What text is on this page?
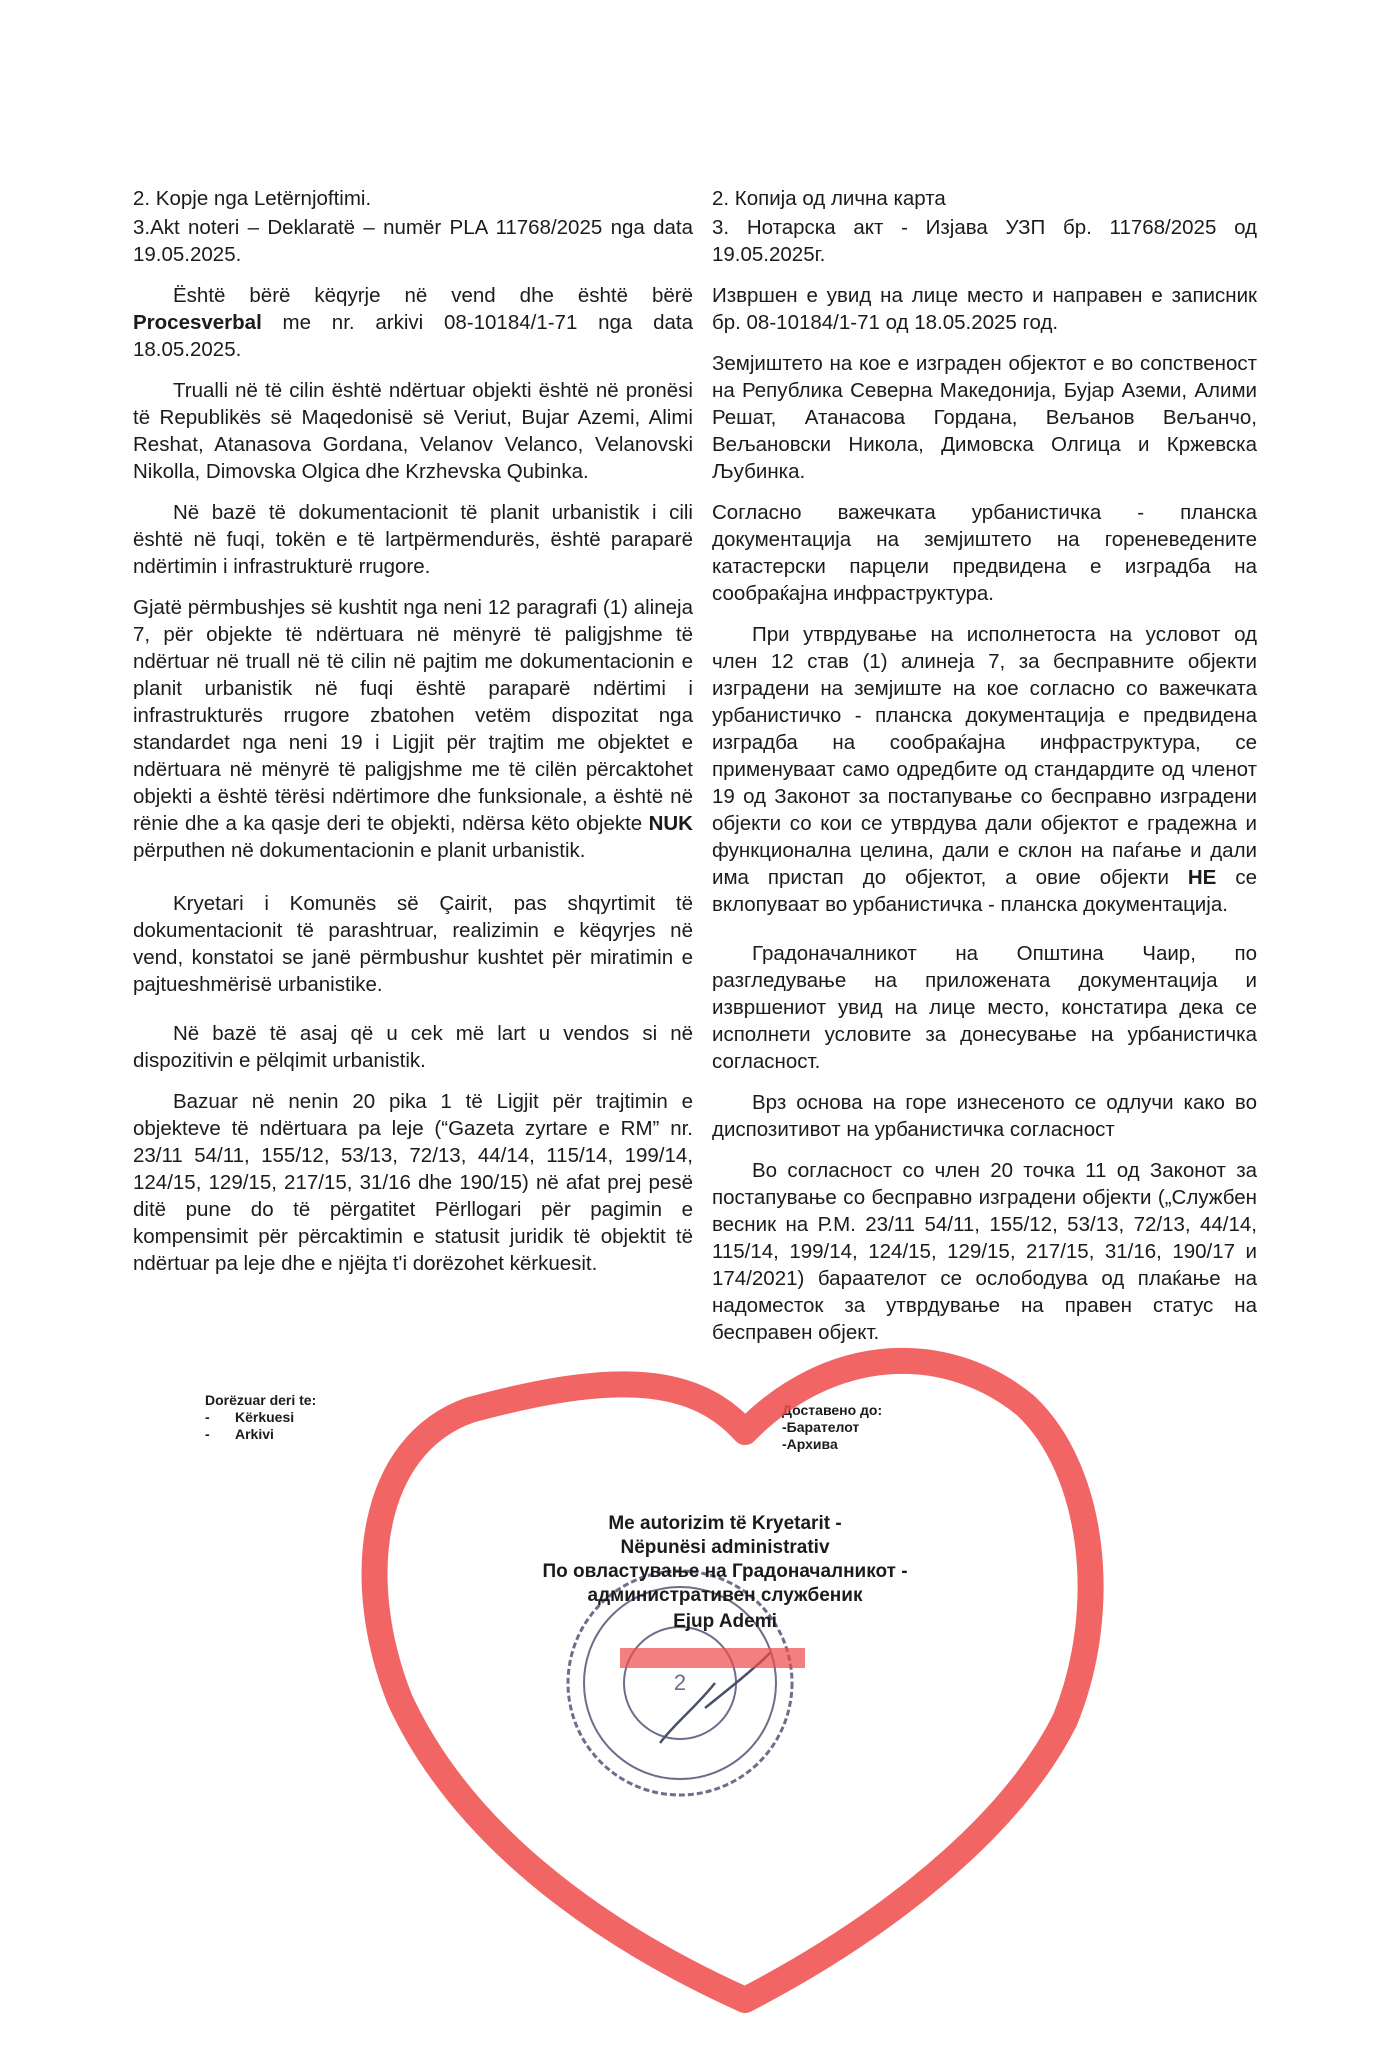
2. Kopje nga Letërnjoftimi.

3.Akt noteri – Deklaratë – numër PLA 11768/2025 nga data 19.05.2025.

Është bërë këqyrje në vend dhe është bërë Procesverbal me nr. arkivi 08-10184/1-71 nga data 18.05.2025.

Trualli në të cilin është ndërtuar objekti është në pronësi të Republikës së Maqedonisë së Veriut, Bujar Azemi, Alimi Reshat, Atanasova Gordana, Velanov Velanco, Velanovski Nikolla, Dimovska Olgica dhe Krzhevska Qubinka.

Në bazë të dokumentacionit të planit urbanistik i cili është në fuqi, tokën e të lartpërmendurës, është paraparë ndërtimin i infrastrukturë rrugore.

Gjatë përmbushjes së kushtit nga neni 12 paragrafi (1) alineja 7, për objekte të ndërtuara në mënyrë të paligjshme të ndërtuar në truall në të cilin në pajtim me dokumentacionin e planit urbanistik në fuqi është paraparë ndërtimi i infrastrukturës rrugore zbatohen vetëm dispozitat nga standardet nga neni 19 i Ligjit për trajtim me objektet e ndërtuara në mënyrë të paligjshme me të cilën përcaktohet objekti a është tërësi ndërtimore dhe funksionale, a është në rënie dhe a ka qasje deri te objekti, ndërsa këto objekte NUK përputhen në dokumentacionin e planit urbanistik.

Kryetari i Komunës së Çairit, pas shqyrtimit të dokumentacionit të parashtruar, realizimin e këqyrjes në vend, konstatoi se janë përmbushur kushtet për miratimin e pajtueshmërisë urbanistike.

Në bazë të asaj që u cek më lart u vendos si në dispozitivin e pëlqimit urbanistik.

Bazuar në nenin 20 pika 1 të Ligjit për trajtimin e objekteve të ndërtuara pa leje (“Gazeta zyrtare e RM” nr. 23/11 54/11, 155/12, 53/13, 72/13, 44/14, 115/14, 199/14, 124/15, 129/15, 217/15, 31/16 dhe 190/15) në afat prej pesë ditë pune do të përgatitet Përllogari për pagimin e kompensimit për përcaktimin e statusit juridik të objektit të ndërtuar pa leje dhe e njëjta t'i dorëzohet kërkuesit.

2. Копија од лична карта

3. Нотарска акт - Изјава УЗП бр. 11768/2025 од 19.05.2025г.

Извршен е увид на лице место и направен е записник бр. 08-10184/1-71 од 18.05.2025 год.

Земјиштето на кое е изграден објектот е во сопственост на Република Северна Македонија, Бујар Аземи, Алими Решат, Атанасова Гордана, Вељанов Вељанчо, Вељановски Никола, Димовска Олгица и Кржевска Љубинка.

Согласно важечката урбанистичка - планска документација на земјиштето на гореневедените катастерски парцели предвидена е изградба на сообраќајна инфраструктура.

При утврдување на исполнетоста на условот од член 12 став (1) алинеја 7, за бесправните објекти изградени на земјиште на кое согласно со важечката урбанистичко - планска документација е предвидена изградба на сообраќајна инфраструктура, се применуваат само одредбите од стандардите од членот 19 од Законот за постапување со бесправно изградени објекти со кои се утврдува дали објектот е градежна и функционална целина, дали е склон на паѓање и дали има пристап до објектот, а овие објекти НЕ се вклопуваат во урбанистичка - планска документација.

Градоначалникот на Општина Чаир, по разгледување на приложената документација и извршениот увид на лице место, констатира дека се исполнети условите за донесување на урбанистичка согласност.

Врз основа на горе изнесеното се одлучи како во диспозитивот на урбанистичка согласност

Во согласност со член 20 точка 11 од Законот за постапување со бесправно изградени објекти („Службен весник на Р.М. 23/11 54/11, 155/12, 53/13, 72/13, 44/14, 115/14, 199/14, 124/15, 129/15, 217/15, 31/16, 190/17 и 174/2021) бараателот се ослободува од плаќање на надоместок за утврдување на правен статус на бесправен објект.

Dorëzuar deri te:
- Kërkuesi
- Arkivi
Доставено до:
-Барателот
-Архива
2
Me autorizim të Kryetarit -
Nëpunësi administrativ
По овластување на Градоначалникот -
административен службеник
Ejup Ademi
